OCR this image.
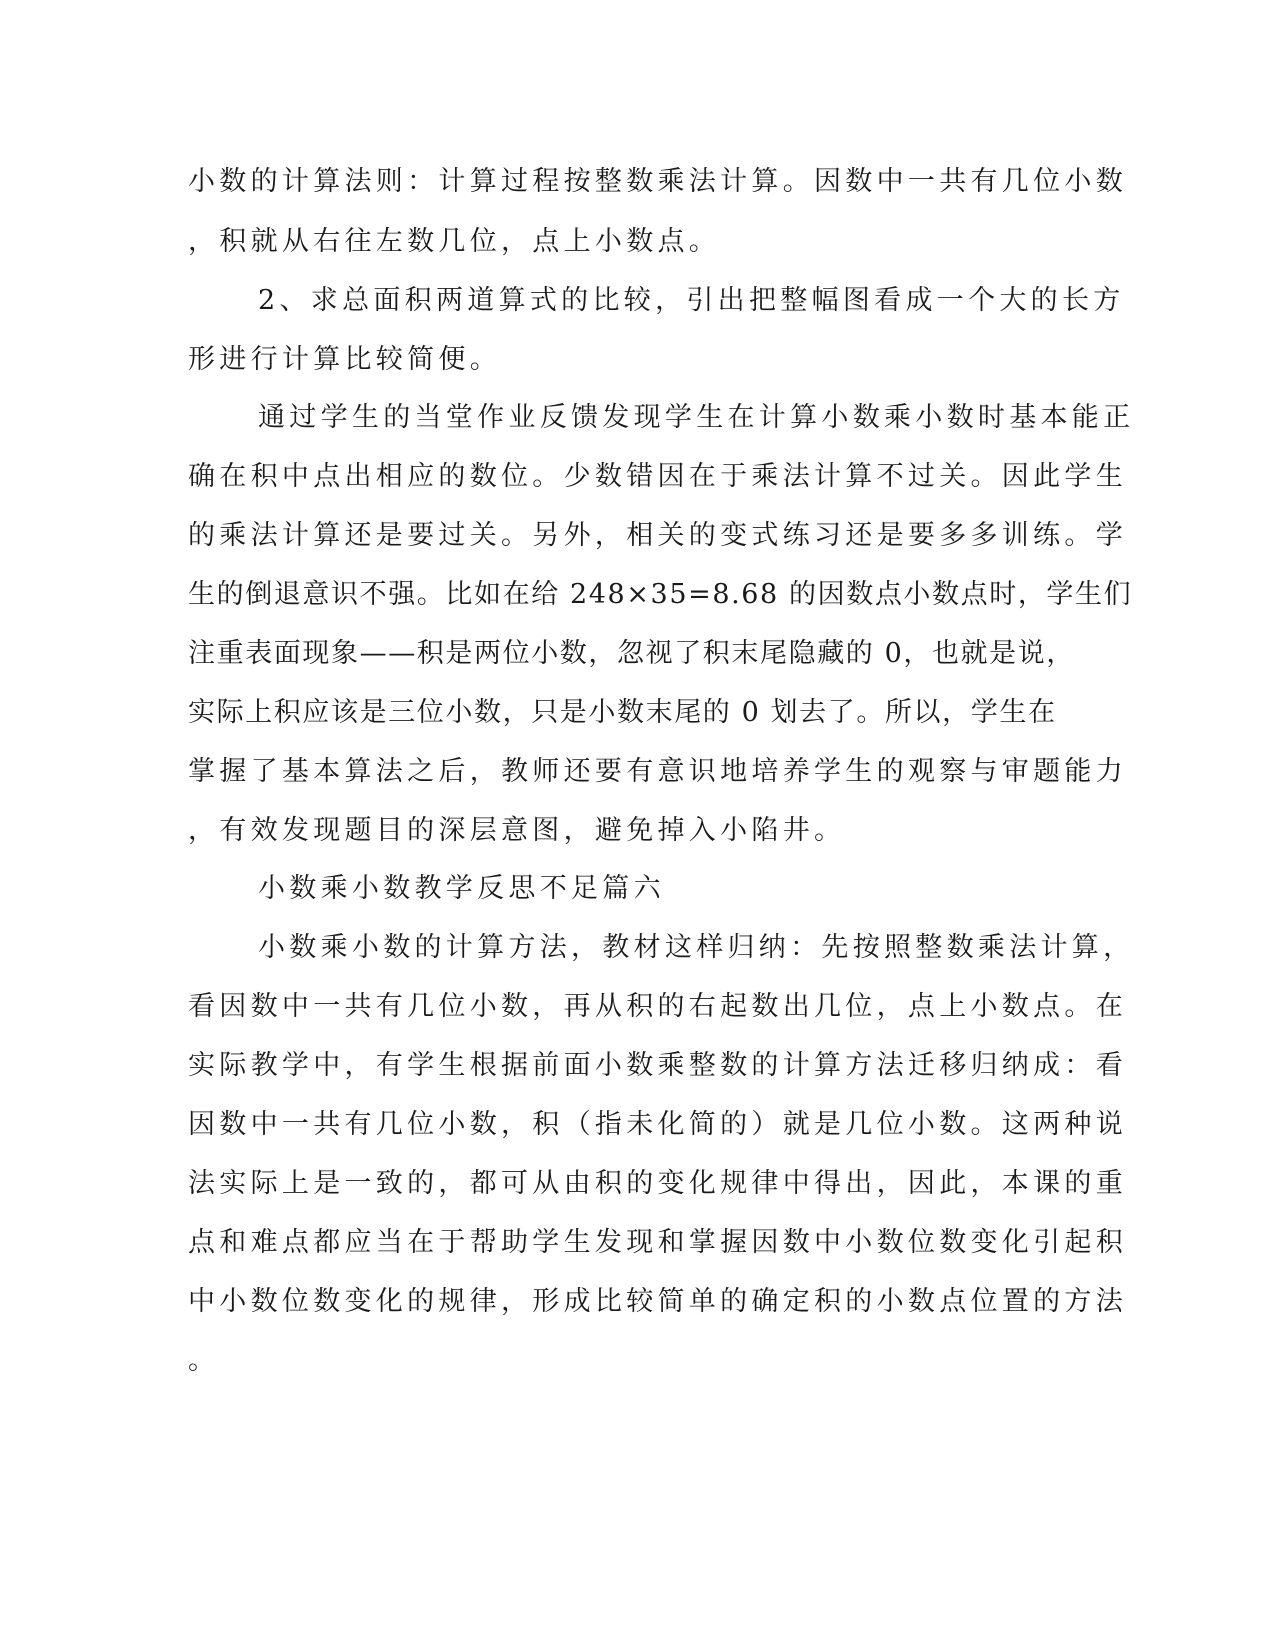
小数的计算法则：计算过程按整数乘法计算。因数中一共有几位小数
，积就从右往左数几位，点上小数点。
2、求总面积两道算式的比较，引出把整幅图看成一个大的长方
形进行计算比较简便。
通过学生的当堂作业反馈发现学生在计算小数乘小数时基本能正
确在积中点出相应的数位。少数错因在于乘法计算不过关。因此学生
的乘法计算还是要过关。另外，相关的变式练习还是要多多训练。学
生的倒退意识不强。比如在给 248×35=8.68 的因数点小数点时，学生们
注重表面现象——积是两位小数，忽视了积末尾隐藏的 0，也就是说，
实际上积应该是三位小数，只是小数末尾的 0 划去了。所以，学生在
掌握了基本算法之后，教师还要有意识地培养学生的观察与审题能力
，有效发现题目的深层意图，避免掉入小陷井。
小数乘小数教学反思不足篇六
小数乘小数的计算方法，教材这样归纳：先按照整数乘法计算，
看因数中一共有几位小数，再从积的右起数出几位，点上小数点。在
实际教学中，有学生根据前面小数乘整数的计算方法迁移归纳成：看
因数中一共有几位小数，积（指未化简的）就是几位小数。这两种说
法实际上是一致的，都可从由积的变化规律中得出，因此，本课的重
点和难点都应当在于帮助学生发现和掌握因数中小数位数变化引起积
中小数位数变化的规律，形成比较简单的确定积的小数点位置的方法
。
